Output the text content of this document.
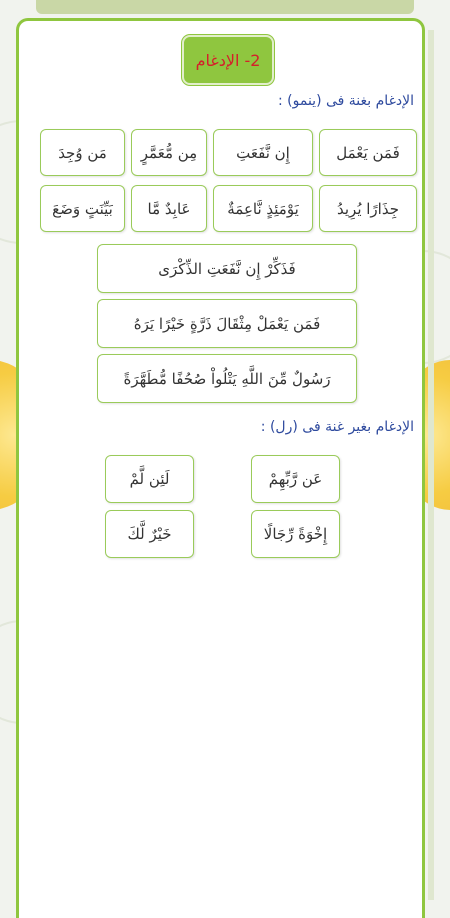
2- الإدغام
الإدغام بغنة فى (ينمو) :
فَمَن يَعْمَل
إِن نَّفَعَتِ
مِن مُّعَمَّرٍ
مَن وُجِدَ
جِذَارًا يُرِيدُ
يَوْمَئِذٍ نَّاعِمَةٌ
عَابِدٌ مَّا
بَيِّنَتٍ وَضَعَ
فَذَكِّرْ إِن نَّفَعَتِ الذِّكْرَى
فَمَن يَعْمَلْ مِثْقَالَ ذَرَّةٍ خَيْرًا يَرَهُ
رَسُولٌ مِّنَ اللَّهِ يَتْلُواْ صُحُفًا مُّطَهَّرَةً
الإدغام بغير غنة فى (رل) :
عَن رَّبِّهِمْ
لَئِن لَّمْ
إِخْوَةً رِّجَالًا
خَيْرٌ لَّكَ
